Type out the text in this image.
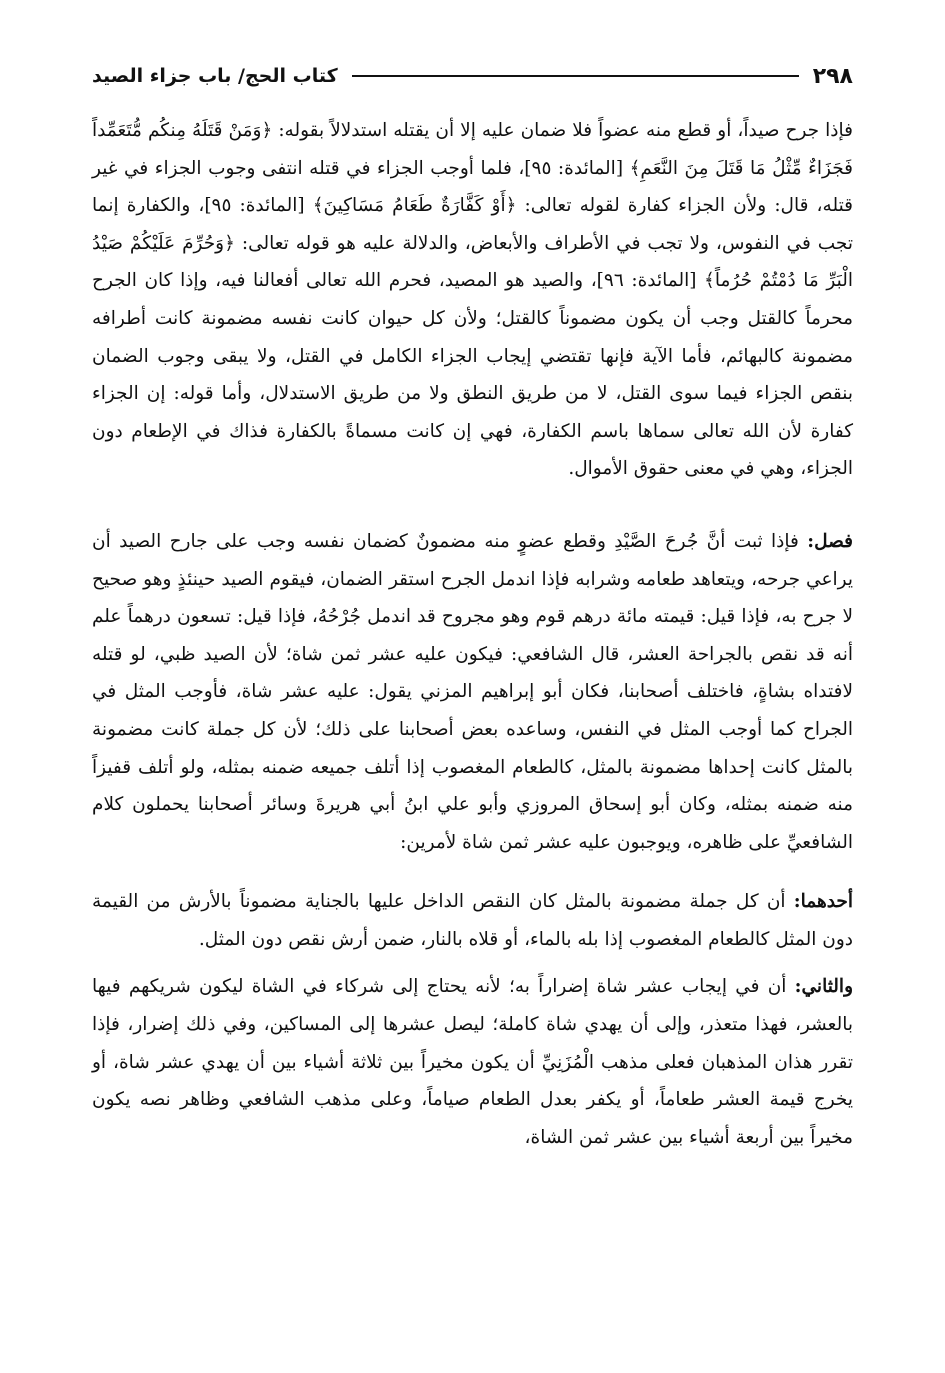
٢٩٨
كتاب الحج/ باب جزاء الصيد

فإذا جرح صيداً، أو قطع منه عضواً فلا ضمان عليه إلا أن يقتله استدلالاً بقوله: ﴿وَمَنْ قَتَلَهُ مِنكُم مُّتَعَمِّداً فَجَزَاءٌ مِّثْلُ مَا قَتَلَ مِنَ النَّعَمِ﴾ [المائدة: ٩٥]، فلما أوجب الجزاء في قتله انتفى وجوب الجزاء في غير قتله، قال: ولأن الجزاء كفارة لقوله تعالى: ﴿أَوْ كَفَّارَةٌ طَعَامُ مَسَاكِينَ﴾ [المائدة: ٩٥]، والكفارة إنما تجب في النفوس، ولا تجب في الأطراف والأبعاض، والدلالة عليه هو قوله تعالى: ﴿وَحُرِّمَ عَلَيْكُمْ صَيْدُ الْبَرِّ مَا دُمْتُمْ حُرُماً﴾ [المائدة: ٩٦]، والصيد هو المصيد، فحرم الله تعالى أفعالنا فيه، وإذا كان الجرح محرماً كالقتل وجب أن يكون مضموناً كالقتل؛ ولأن كل حيوان كانت نفسه مضمونة كانت أطرافه مضمونة كالبهائم، فأما الآية فإنها تقتضي إيجاب الجزاء الكامل في القتل، ولا يبقى وجوب الضمان بنقص الجزاء فيما سوى القتل، لا من طريق النطق ولا من طريق الاستدلال، وأما قوله: إن الجزاء كفارة لأن الله تعالى سماها باسم الكفارة، فهي إن كانت مسماةً بالكفارة فذاك في الإطعام دون الجزاء، وهي في معنى حقوق الأموال.

فصل: فإذا ثبت أنَّ جُرحَ الصَّيْدِ وقطع عضوٍ منه مضمونٌ كضمان نفسه وجب على جارح الصيد أن يراعي جرحه، ويتعاهد طعامه وشرابه فإذا اندمل الجرح استقر الضمان، فيقوم الصيد حينئذٍ وهو صحيح لا جرح به، فإذا قيل: قيمته مائة درهم قوم وهو مجروح قد اندمل جُرْحُهُ، فإذا قيل: تسعون درهماً علم أنه قد نقص بالجراحة العشر، قال الشافعي: فيكون عليه عشر ثمن شاة؛ لأن الصيد ظبي، لو قتله لافتداه بشاةٍ، فاختلف أصحابنا، فكان أبو إبراهيم المزني يقول: عليه عشر شاة، فأوجب المثل في الجراح كما أوجب المثل في النفس، وساعده بعض أصحابنا على ذلك؛ لأن كل جملة كانت مضمونة بالمثل كانت إحداها مضمونة بالمثل، كالطعام المغصوب إذا أتلف جميعه ضمنه بمثله، ولو أتلف قفيزاً منه ضمنه بمثله، وكان أبو إسحاق المروزي وأبو علي ابنُ أبي هريرةَ وسائر أصحابنا يحملون كلام الشافعيِّ على ظاهره، ويوجبون عليه عشر ثمن شاة لأمرين:

أحدهما: أن كل جملة مضمونة بالمثل كان النقص الداخل عليها بالجناية مضموناً بالأرش من القيمة دون المثل كالطعام المغصوب إذا بله بالماء، أو قلاه بالنار، ضمن أرش نقص دون المثل.

والثاني: أن في إيجاب عشر شاة إضراراً به؛ لأنه يحتاج إلى شركاء في الشاة ليكون شريكهم فيها بالعشر، فهذا متعذر، وإلى أن يهدي شاة كاملة؛ ليصل عشرها إلى المساكين، وفي ذلك إضرار، فإذا تقرر هذان المذهبان فعلى مذهب الْمُزَنِيِّ أن يكون مخيراً بين ثلاثة أشياء بين أن يهدي عشر شاة، أو يخرج قيمة العشر طعاماً، أو يكفر بعدل الطعام صياماً، وعلى مذهب الشافعي وظاهر نصه يكون مخيراً بين أربعة أشياء بين عشر ثمن الشاة،
